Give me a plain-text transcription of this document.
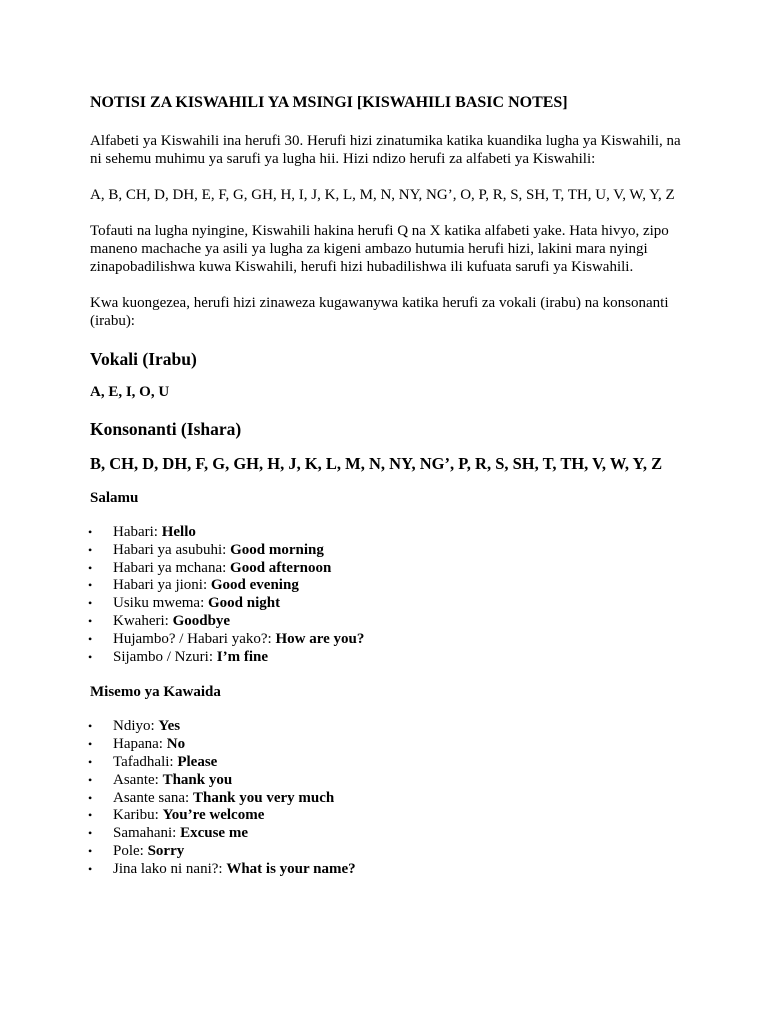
NOTISI ZA KISWAHILI YA MSINGI [KISWAHILI BASIC NOTES]

Alfabeti ya Kiswahili ina herufi 30. Herufi hizi zinatumika katika kuandika lugha ya Kiswahili, na ni sehemu muhimu ya sarufi ya lugha hii. Hizi ndizo herufi za alfabeti ya Kiswahili:

A, B, CH, D, DH, E, F, G, GH, H, I, J, K, L, M, N, NY, NG’, O, P, R, S, SH, T, TH, U, V, W, Y, Z

Tofauti na lugha nyingine, Kiswahili hakina herufi Q na X katika alfabeti yake. Hata hivyo, zipo maneno machache ya asili ya lugha za kigeni ambazo hutumia herufi hizi, lakini mara nyingi zinapobadilishwa kuwa Kiswahili, herufi hizi hubadilishwa ili kufuata sarufi ya Kiswahili.

Kwa kuongezea, herufi hizi zinaweza kugawanywa katika herufi za vokali (irabu) na konsonanti (irabu):

Vokali (Irabu)
A, E, I, O, U
Konsonanti (Ishara)
B, CH, D, DH, F, G, GH, H, J, K, L, M, N, NY, NG’, P, R, S, SH, T, TH, V, W, Y, Z
Salamu
• Habari: Hello
• Habari ya asubuhi: Good morning
• Habari ya mchana: Good afternoon
• Habari ya jioni: Good evening
• Usiku mwema: Good night
• Kwaheri: Goodbye
• Hujambo? / Habari yako?: How are you?
• Sijambo / Nzuri: I’m fine
Misemo ya Kawaida
• Ndiyo: Yes
• Hapana: No
• Tafadhali: Please
• Asante: Thank you
• Asante sana: Thank you very much
• Karibu: You’re welcome
• Samahani: Excuse me
• Pole: Sorry
• Jina lako ni nani?: What is your name?
